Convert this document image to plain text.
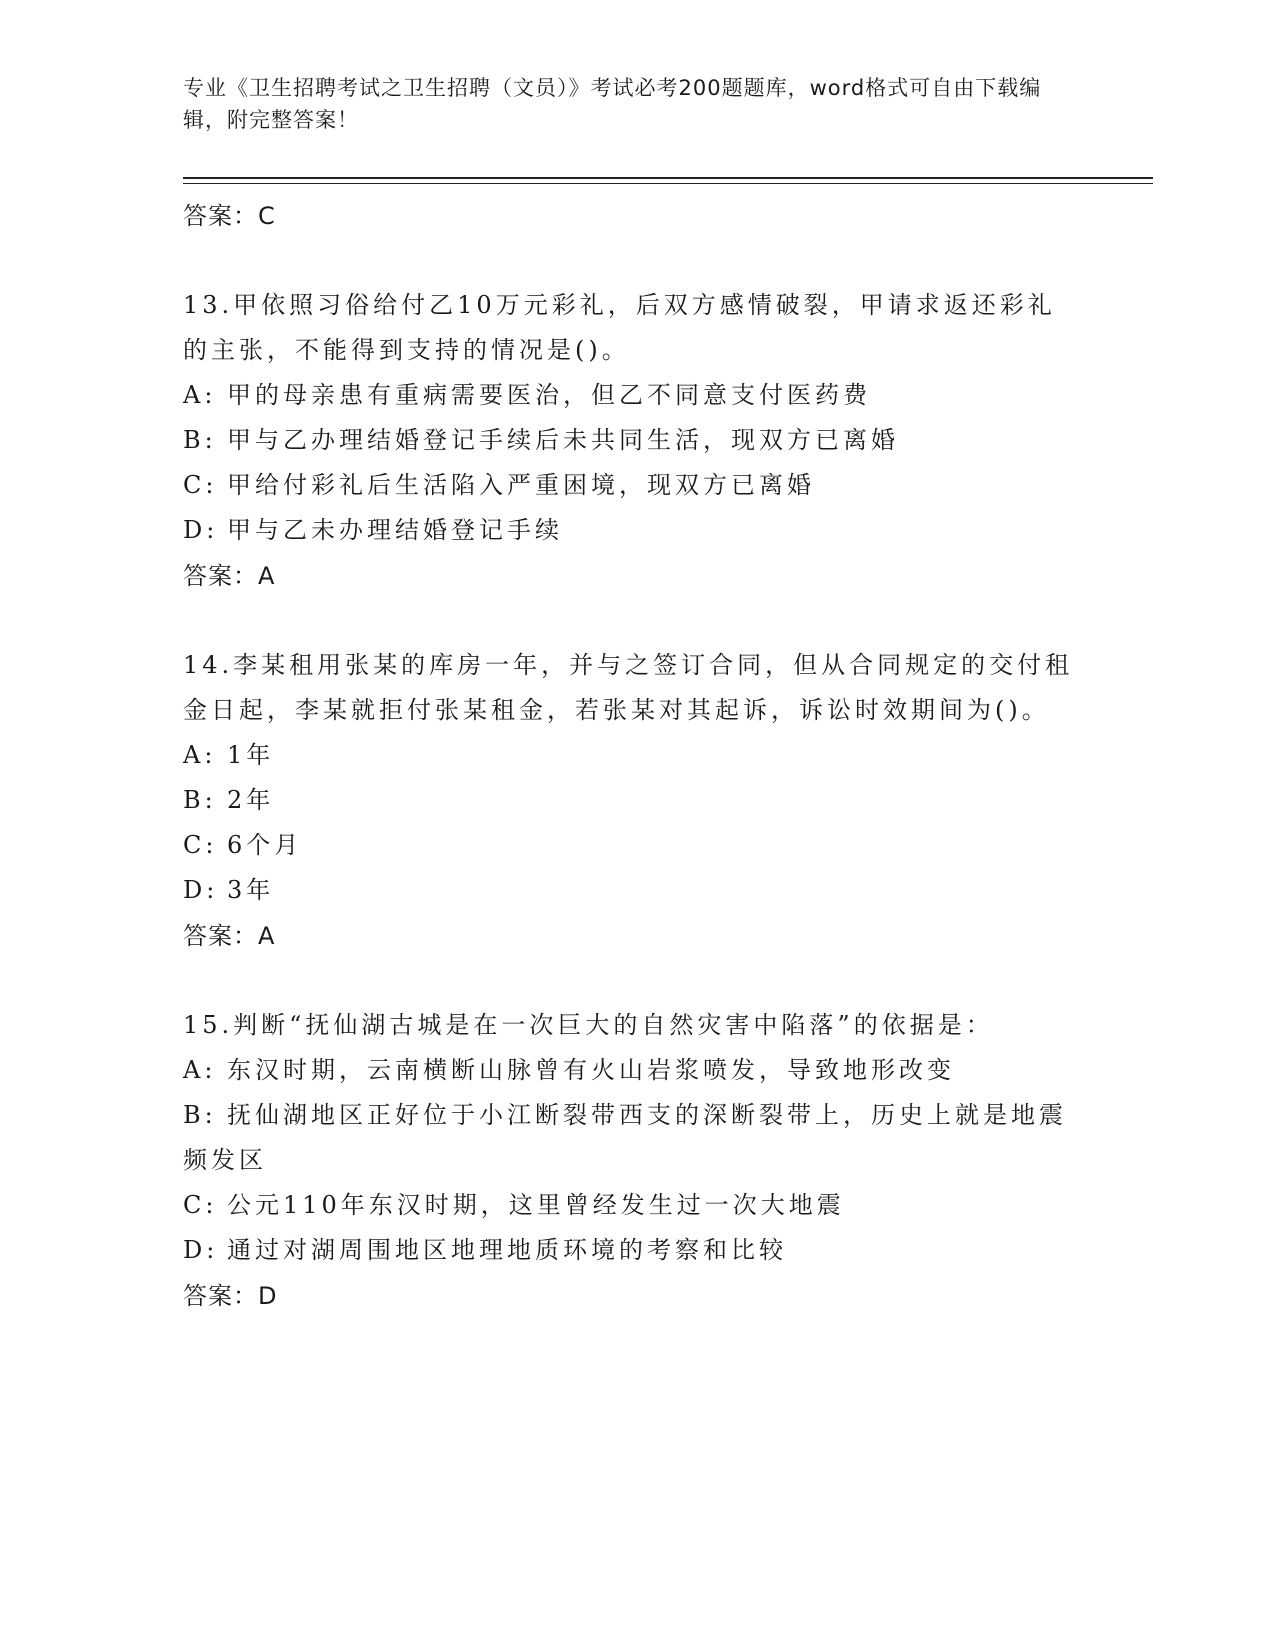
专业《卫生招聘考试之卫生招聘（文员）》考试必考200题题库，word格式可自由下载编辑，附完整答案！
答案：C
13.甲依照习俗给付乙10万元彩礼，后双方感情破裂，甲请求返还彩礼的主张，不能得到支持的情况是()。
A: 甲的母亲患有重病需要医治，但乙不同意支付医药费
B: 甲与乙办理结婚登记手续后未共同生活，现双方已离婚
C: 甲给付彩礼后生活陷入严重困境，现双方已离婚
D: 甲与乙未办理结婚登记手续
答案：A
14.李某租用张某的库房一年，并与之签订合同，但从合同规定的交付租金日起，李某就拒付张某租金，若张某对其起诉，诉讼时效期间为()。
A: 1年
B: 2年
C: 6个月
D: 3年
答案：A
15.判断“抚仙湖古城是在一次巨大的自然灾害中陷落”的依据是：
A: 东汉时期，云南横断山脉曾有火山岩浆喷发，导致地形改变
B: 抚仙湖地区正好位于小江断裂带西支的深断裂带上，历史上就是地震频发区
C: 公元110年东汉时期，这里曾经发生过一次大地震
D: 通过对湖周围地区地理地质环境的考察和比较
答案：D
